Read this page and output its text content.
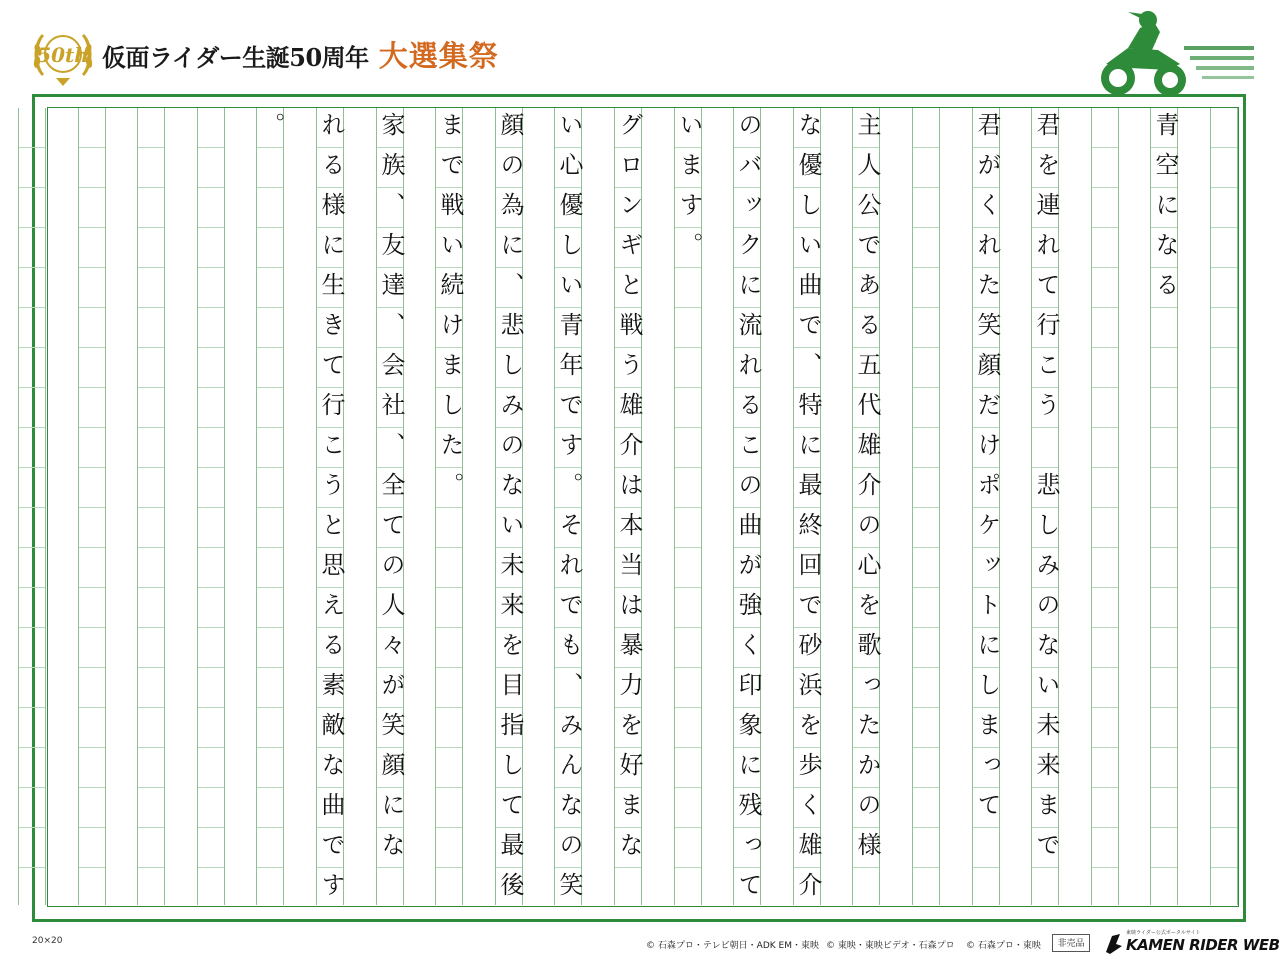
50th 仮面ライダー生誕50周年 大選集祭
青空になる
君を連れて行こう　悲しみのない未来まで
君がくれた笑顔だけポケットにしまって
主人公である五代雄介の心を歌ったかの様
な優しい曲で、特に最終回で砂浜を歩く雄介
のバックに流れるこの曲が強く印象に残って
います。
グロンギと戦う雄介は本当は暴力を好まな
い心優しい青年です。それでも、みんなの笑
顔の為に、悲しみのない未来を目指して最後
まで戦い続けました。
家族、友達、会社、全ての人々が笑顔にな
れる様に生きて行こうと思える素敵な曲です
。
20×20	© 石森プロ・テレビ朝日・ADK EM・東映 © 東映・東映ビデオ・石森プロ © 石森プロ・東映	非売品
東映ライダー公式ポータルサイト
KAMEN RIDER WEB
